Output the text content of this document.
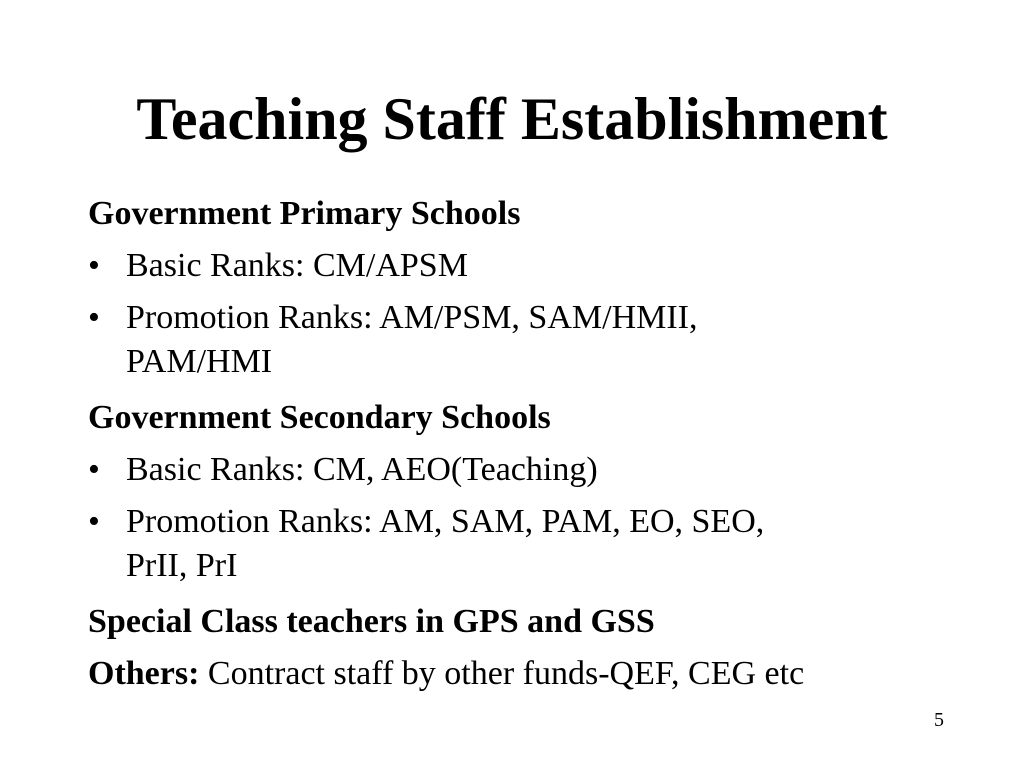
Teaching Staff Establishment
Government Primary Schools
• Basic Ranks: CM/APSM
• Promotion Ranks: AM/PSM, SAM/HMII,
PAM/HMI
Government Secondary Schools
• Basic Ranks: CM, AEO(Teaching)
• Promotion Ranks: AM, SAM, PAM, EO, SEO,
PrII, PrI
Special Class teachers in GPS and GSS
Others: Contract staff by other funds-QEF, CEG etc
5
